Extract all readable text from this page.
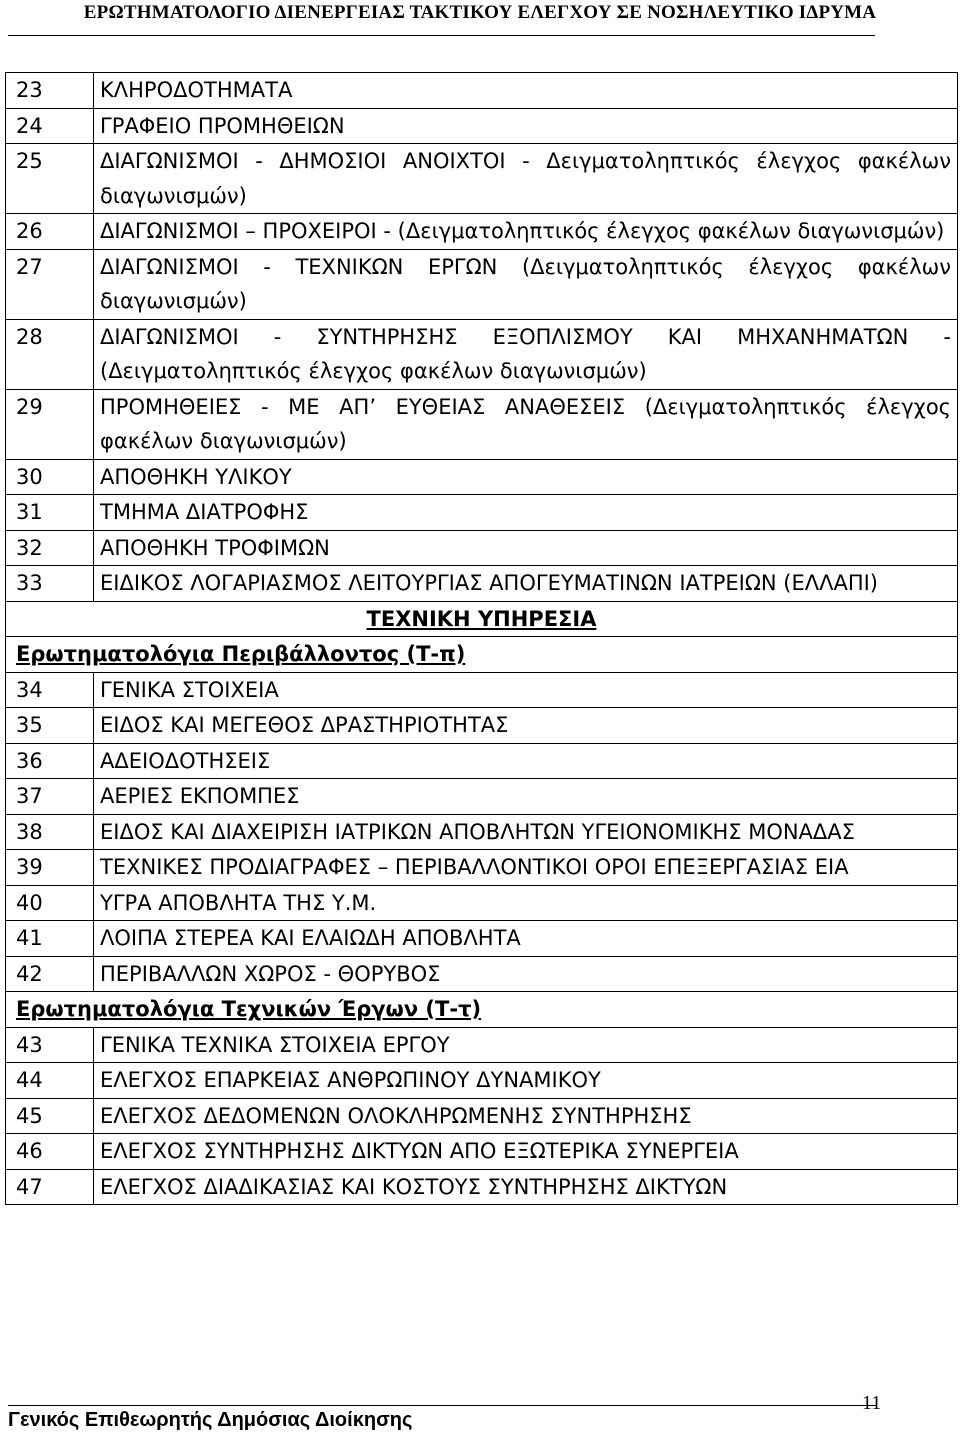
ΕΡΩΤΗΜΑΤΟΛΟΓΙΟ ΔΙΕΝΕΡΓΕΙΑΣ ΤΑΚΤΙΚΟΥ ΕΛΕΓΧΟΥ ΣΕ ΝΟΣΗΛΕΥΤΙΚΟ ΙΔΡΥΜΑ
23	ΚΛΗΡΟΔΟΤΗΜΑΤΑ
24	ΓΡΑΦΕΙΟ ΠΡΟΜΗΘΕΙΩΝ
25	ΔΙΑΓΩΝΙΣΜΟΙ - ΔΗΜΟΣΙΟΙ ΑΝΟΙΧΤΟΙ - Δειγματοληπτικός έλεγχος φακέλων διαγωνισμών)
26	ΔΙΑΓΩΝΙΣΜΟΙ – ΠΡΟΧΕΙΡΟΙ - (Δειγματοληπτικός έλεγχος φακέλων διαγωνισμών)
27	ΔΙΑΓΩΝΙΣΜΟΙ - ΤΕΧΝΙΚΩΝ ΕΡΓΩΝ (Δειγματοληπτικός έλεγχος φακέλων διαγωνισμών)
28	ΔΙΑΓΩΝΙΣΜΟΙ - ΣΥΝΤΗΡΗΣΗΣ ΕΞΟΠΛΙΣΜΟΥ ΚΑΙ ΜΗΧΑΝΗΜΑΤΩΝ - (Δειγματοληπτικός έλεγχος φακέλων διαγωνισμών)
29	ΠΡΟΜΗΘΕΙΕΣ - ΜΕ ΑΠ’ ΕΥΘΕΙΑΣ ΑΝΑΘΕΣΕΙΣ (Δειγματοληπτικός έλεγχος φακέλων διαγωνισμών)
30	ΑΠΟΘΗΚΗ ΥΛΙΚΟΥ
31	ΤΜΗΜΑ ΔΙΑΤΡΟΦΗΣ
32	ΑΠΟΘΗΚΗ ΤΡΟΦΙΜΩΝ
33	ΕΙΔΙΚΟΣ ΛΟΓΑΡΙΑΣΜΟΣ ΛΕΙΤΟΥΡΓΙΑΣ ΑΠΟΓΕΥΜΑΤΙΝΩΝ ΙΑΤΡΕΙΩΝ (ΕΛΛΑΠΙ)
ΤΕΧΝΙΚΗ ΥΠΗΡΕΣΙΑ	
Ερωτηματολόγια Περιβάλλοντος (Τ-π)	
34	ΓΕΝΙΚΑ ΣΤΟΙΧΕΙΑ
35	ΕΙΔΟΣ ΚΑΙ ΜΕΓΕΘΟΣ ΔΡΑΣΤΗΡΙΟΤΗΤΑΣ
36	ΑΔΕΙΟΔΟΤΗΣΕΙΣ
37	ΑΕΡΙΕΣ ΕΚΠΟΜΠΕΣ
38	ΕΙΔΟΣ ΚΑΙ ΔΙΑΧΕΙΡΙΣΗ ΙΑΤΡΙΚΩΝ ΑΠΟΒΛΗΤΩΝ ΥΓΕΙΟΝΟΜΙΚΗΣ ΜΟΝΑΔΑΣ
39	ΤΕΧΝΙΚΕΣ ΠΡΟΔΙΑΓΡΑΦΕΣ – ΠΕΡΙΒΑΛΛΟΝΤΙΚΟΙ ΟΡΟΙ ΕΠΕΞΕΡΓΑΣΙΑΣ ΕΙΑ
40	ΥΓΡΑ ΑΠΟΒΛΗΤΑ ΤΗΣ Υ.Μ.
41	ΛΟΙΠΑ ΣΤΕΡΕΑ ΚΑΙ ΕΛΑΙΩΔΗ ΑΠΟΒΛΗΤΑ
42	ΠΕΡΙΒΑΛΛΩΝ ΧΩΡΟΣ - ΘΟΡΥΒΟΣ
Ερωτηματολόγια Τεχνικών Έργων (Τ-τ)	
43	ΓΕΝΙΚΑ ΤΕΧΝΙΚΑ ΣΤΟΙΧΕΙΑ ΕΡΓΟΥ
44	ΕΛΕΓΧΟΣ ΕΠΑΡΚΕΙΑΣ ΑΝΘΡΩΠΙΝΟΥ ΔΥΝΑΜΙΚΟΥ
45	ΕΛΕΓΧΟΣ ΔΕΔΟΜΕΝΩΝ ΟΛΟΚΛΗΡΩΜΕΝΗΣ ΣΥΝΤΗΡΗΣΗΣ
46	ΕΛΕΓΧΟΣ ΣΥΝΤΗΡΗΣΗΣ ΔΙΚΤΥΩΝ ΑΠΟ ΕΞΩΤΕΡΙΚΑ ΣΥΝΕΡΓΕΙΑ
47	ΕΛΕΓΧΟΣ ΔΙΑΔΙΚΑΣΙΑΣ ΚΑΙ ΚΟΣΤΟΥΣ ΣΥΝΤΗΡΗΣΗΣ ΔΙΚΤΥΩΝ
11
Γενικός Επιθεωρητής Δημόσιας Διοίκησης
